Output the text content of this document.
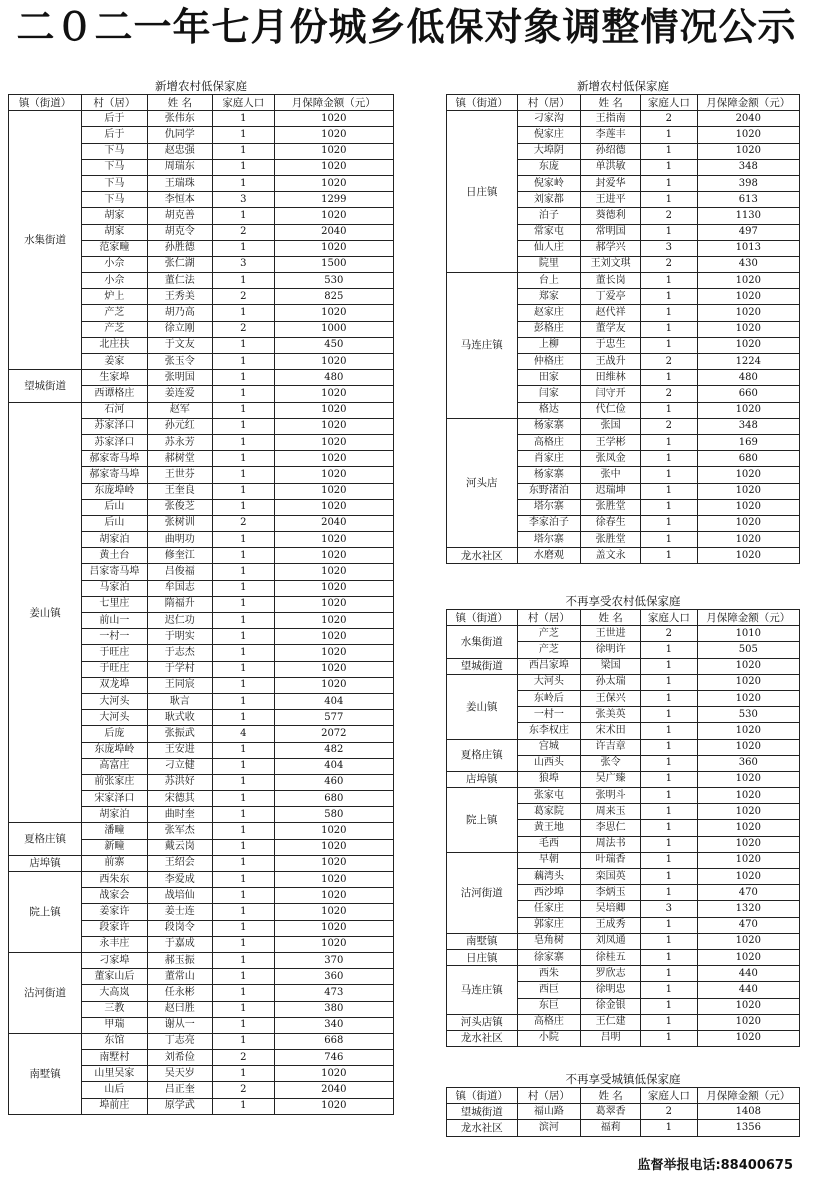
二０二一年七月份城乡低保对象调整情况公示
新增农村低保家庭
镇（街道）	村（居）	姓 名	家庭人口	月保障金额（元）
水集街道	后于	张伟东	1	1020
	后于	仇同学	1	1020
	下马	赵忠强	1	1020
	下马	周瑞东	1	1020
	下马	王瑞珠	1	1020
	下马	李恒本	3	1299
	胡家	胡克善	1	1020
	胡家	胡克令	2	2040
	范家疃	孙胜德	1	1020
	小佘	张仁湖	3	1500
	小佘	董仁法	1	530
	炉上	王秀美	2	825
	产芝	胡乃高	1	1020
	产芝	徐立刚	2	1000
	北庄扶	于文友	1	450
	姜家	张玉令	1	1020
望城街道	生家埠	张明国	1	480
	西谭格庄	姜连爱	1	1020
姜山镇	石河	赵军	1	1020
	苏家泽口	孙元红	1	1020
	苏家泽口	苏永芳	1	1020
	郝家寄马埠	郝树堂	1	1020
	郝家寄马埠	王世芬	1	1020
	东庞埠岭	王奎良	1	1020
	后山	张俊芝	1	1020
	后山	张树训	2	2040
	胡家泊	曲明功	1	1020
	黄土台	修奎江	1	1020
	吕家寄马埠	吕俊福	1	1020
	马家泊	牟国志	1	1020
	七里庄	隋福升	1	1020
	前山一	迟仁功	1	1020
	一村一	于明实	1	1020
	于旺庄	于志杰	1	1020
	于旺庄	于学村	1	1020
	双龙埠	王同宸	1	1020
	大河头	耿言	1	404
	大河头	耿式收	1	577
	后庞	张振武	4	2072
	东庞埠岭	王安进	1	482
	高富庄	刁立健	1	404
	前张家庄	苏洪好	1	460
	宋家泽口	宋德其	1	680
	胡家泊	曲时奎	1	580
夏格庄镇	潘疃	张军杰	1	1020
	新疃	戴云岗	1	1020
店埠镇	前寨	王绍会	1	1020
院上镇	西朱东	李爱成	1	1020
	战家会	战培仙	1	1020
	姜家许	姜士连	1	1020
	段家许	段岗令	1	1020
	永丰庄	于嘉成	1	1020
沽河街道	刁家埠	郝玉振	1	370
	董家山后	董常山	1	360
	大高岚	任永彬	1	473
	三教	赵曰胜	1	380
	甲瑞	谢从一	1	340
南墅镇	东馆	丁志亮	1	668
	南墅村	刘希俭	2	746
	山里吴家	吴天岁	1	1020
	山后	吕正奎	2	2040
	埠前庄	原学武	1	1020
新增农村低保家庭
镇（街道）	村（居）	姓 名	家庭人口	月保障金额（元）
日庄镇	刁家沟	王指南	2	2040
	倪家庄	李莲丰	1	1020
	大埠阴	孙绍德	1	1020
	东庞	单洪敏	1	348
	倪家岭	封爱华	1	398
	刘家都	王进平	1	613
	泊子	葵德利	2	1130
	常家屯	常明国	1	497
	仙人庄	郝学兴	3	1013
	院里	王刘文琪	2	430
马连庄镇	台上	董长岗	1	1020
	郑家	丁爱亭	1	1020
	赵家庄	赵代祥	1	1020
	彭格庄	董学友	1	1020
	上柳	于忠生	1	1020
	仲格庄	王战升	2	1224
	田家	田维林	1	480
	闫家	闫守开	2	660
	格达	代仁俭	1	1020
河头店	杨家寨	张国	2	348
	高格庄	王学彬	1	169
	肖家庄	张凤金	1	680
	杨家寨	张中	1	1020
	东野渚泊	迟瑞坤	1	1020
	塔尔寨	张胜堂	1	1020
	李家泊子	徐春生	1	1020
	塔尔寨	张胜堂	1	1020
龙水社区	水磨观	盖文永	1	1020
不再享受农村低保家庭
镇（街道）	村（居）	姓 名	家庭人口	月保障金额（元）
水集街道	产芝	王世进	2	1010
	产芝	徐明许	1	505
望城街道	西吕家埠	梁国	1	1020
姜山镇	大河头	孙太瑞	1	1020
	东岭后	王保兴	1	1020
	一村一	张美英	1	530
	东李权庄	宋术田	1	1020
夏格庄镇	宫城	许吉章	1	1020
	山西头	张令	1	360
店埠镇	狼埠	吴广臻	1	1020
院上镇	张家屯	张明斗	1	1020
	葛家院	周来玉	1	1020
	黄王地	李思仁	1	1020
	毛西	周法书	1	1020
沽河街道	早朝	叶瑞香	1	1020
	藕湾头	栾国英	1	1020
	西沙埠	李炳玉	1	470
	任家庄	吴培卿	3	1320
	郭家庄	王成秀	1	470
南墅镇	皂角树	刘凤通	1	1020
日庄镇	徐家寨	徐桂五	1	1020
马连庄镇	西朱	罗欣志	1	440
	西巨	徐明忠	1	440
	东巨	徐金银	1	1020
河头店镇	高格庄	王仁建	1	1020
龙水社区	小院	吕明	1	1020
不再享受城镇低保家庭
镇（街道）	村（居）	姓 名	家庭人口	月保障金额（元）
望城街道	福山路	葛翠香	2	1408
龙水社区	滨河	福莉	1	1356
监督举报电话:88400675
